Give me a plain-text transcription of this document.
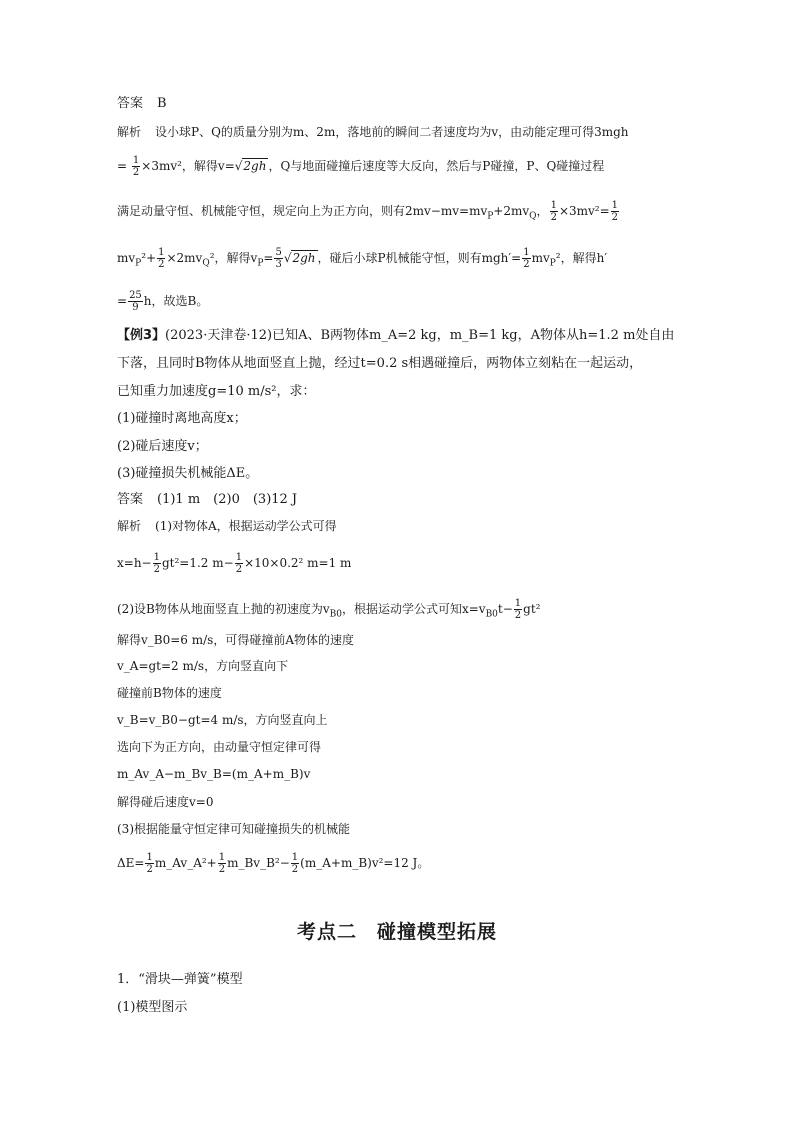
答案 B
解析 设小球P、Q的质量分别为m、2m，落地前的瞬间二者速度均为v，由动能定理可得3mgh
= $\frac{1}{2} \times 3mv^2$，解得v=√2gh ，Q与地面碰撞后速度等大反向，然后与P碰撞，P、Q碰撞过程
满足动量守恒、机械能守恒，规定向上为正方向，则有$2mv-mv=mv_P+2mv_Q$， $\frac{1}{2} \times 3mv^2= \frac{1}{2}$
$mv_P^2+ \frac{1}{2} \times 2mv_Q^2$，解得$v_P= \frac{5}{3} √2gh$ ，碰后小球P机械能守恒，则有$mgh'= \frac{1}{2} mv_P^2$，解得h′
= $\frac{25}{9}$ h，故选B。
【例3】(2023·天津卷·12)已知A、B两物体m_A=2 kg，m_B=1 kg，A物体从h=1.2 m处自由
下落，且同时B物体从地面竖直上抛，经过t=0.2 s相遇碰撞后，两物体立刻粘在一起运动，
已知重力加速度g=10 m/s²，求：
(1)碰撞时离地高度x；
(2)碰后速度v；
(3)碰撞损失机械能ΔE。
答案 (1)1 m　(2)0　(3)12 J
解析 (1)对物体A，根据运动学公式可得
$x=h- \frac{1}{2} gt^2=1.2$ $m- \frac{1}{2} \times 10\times 0.2^2$ m=1 m
(2)设B物体从地面竖直上抛的初速度为$v_{B0}$，根据运动学公式可知$x=v_{B0}t- \frac{1}{2} gt^2$
解得v_B0=6 m/s，可得碰撞前A物体的速度
v_A=gt=2 m/s，方向竖直向下
碰撞前B物体的速度
v_B=v_B0−gt=4 m/s，方向竖直向上
选向下为正方向，由动量守恒定律可得
m_Av_A−m_Bv_B=(m_A+m_B)v
解得碰后速度v=0
(3)根据能量守恒定律可知碰撞损失的机械能
$\Delta E= \frac{1}{2}$ m_Av_A²+ $\frac{1}{2}$ m_Bv_B²− $\frac{1}{2}$ (m_A+m_B)v²=12 J。
考点二　碰撞模型拓展
1．“滑块—弹簧”模型
(1)模型图示
